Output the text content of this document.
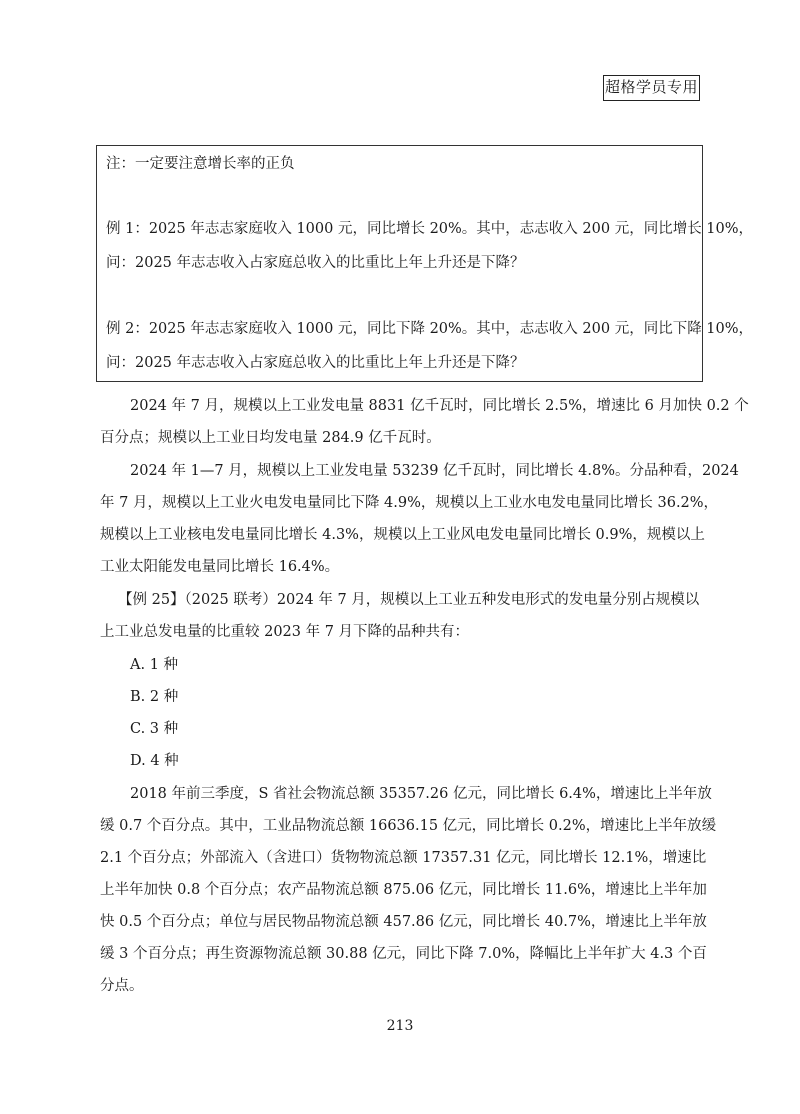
超格学员专用
注：一定要注意增长率的正负
例 1：2025 年志志家庭收入 1000 元，同比增长 20%。其中，志志收入 200 元，同比增长 10%，
问：2025 年志志收入占家庭总收入的比重比上年上升还是下降？
例 2：2025 年志志家庭收入 1000 元，同比下降 20%。其中，志志收入 200 元，同比下降 10%，
问：2025 年志志收入占家庭总收入的比重比上年上升还是下降？
2024 年 7 月，规模以上工业发电量 8831 亿千瓦时，同比增长 2.5%，增速比 6 月加快 0.2 个
百分点；规模以上工业日均发电量 284.9 亿千瓦时。
2024 年 1—7 月，规模以上工业发电量 53239 亿千瓦时，同比增长 4.8%。分品种看，2024
年 7 月，规模以上工业火电发电量同比下降 4.9%，规模以上工业水电发电量同比增长 36.2%，
规模以上工业核电发电量同比增长 4.3%，规模以上工业风电发电量同比增长 0.9%，规模以上
工业太阳能发电量同比增长 16.4%。
【例 25】（2025 联考）2024 年 7 月，规模以上工业五种发电形式的发电量分别占规模以
上工业总发电量的比重较 2023 年 7 月下降的品种共有：
A. 1 种
B. 2 种
C. 3 种
D. 4 种
2018 年前三季度，S 省社会物流总额 35357.26 亿元，同比增长 6.4%，增速比上半年放
缓 0.7 个百分点。其中，工业品物流总额 16636.15 亿元，同比增长 0.2%，增速比上半年放缓
2.1 个百分点；外部流入（含进口）货物物流总额 17357.31 亿元，同比增长 12.1%，增速比
上半年加快 0.8 个百分点；农产品物流总额 875.06 亿元，同比增长 11.6%，增速比上半年加
快 0.5 个百分点；单位与居民物品物流总额 457.86 亿元，同比增长 40.7%，增速比上半年放
缓 3 个百分点；再生资源物流总额 30.88 亿元，同比下降 7.0%，降幅比上半年扩大 4.3 个百
分点。
213
